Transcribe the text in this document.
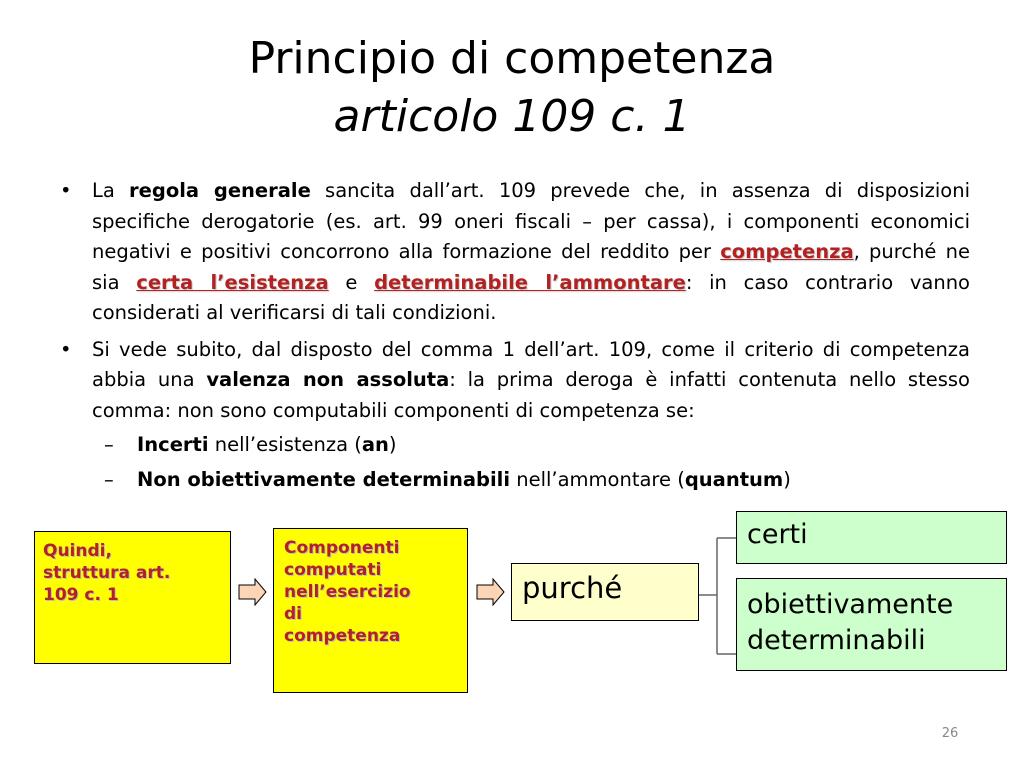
Principio di competenza
articolo 109 c. 1
• La regola generale sancita dall’art. 109 prevede che, in assenza di disposizioni specifiche derogatorie (es. art. 99 oneri fiscali – per cassa), i componenti economici negativi e positivi concorrono alla formazione del reddito per competenza, purché ne sia certa l’esistenza e determinabile l’ammontare: in caso contrario vanno considerati al verificarsi di tali condizioni.
• Si vede subito, dal disposto del comma 1 dell’art. 109, come il criterio di competenza abbia una valenza non assoluta: la prima deroga è infatti contenuta nello stesso comma: non sono computabili componenti di competenza se:
– Incerti nell’esistenza (an)
– Non obiettivamente determinabili nell’ammontare (quantum)
Quindi,
struttura art.
109 c. 1
Componenti
computati
nell’esercizio
di
competenza
purché
certi
obiettivamente
determinabili
26
